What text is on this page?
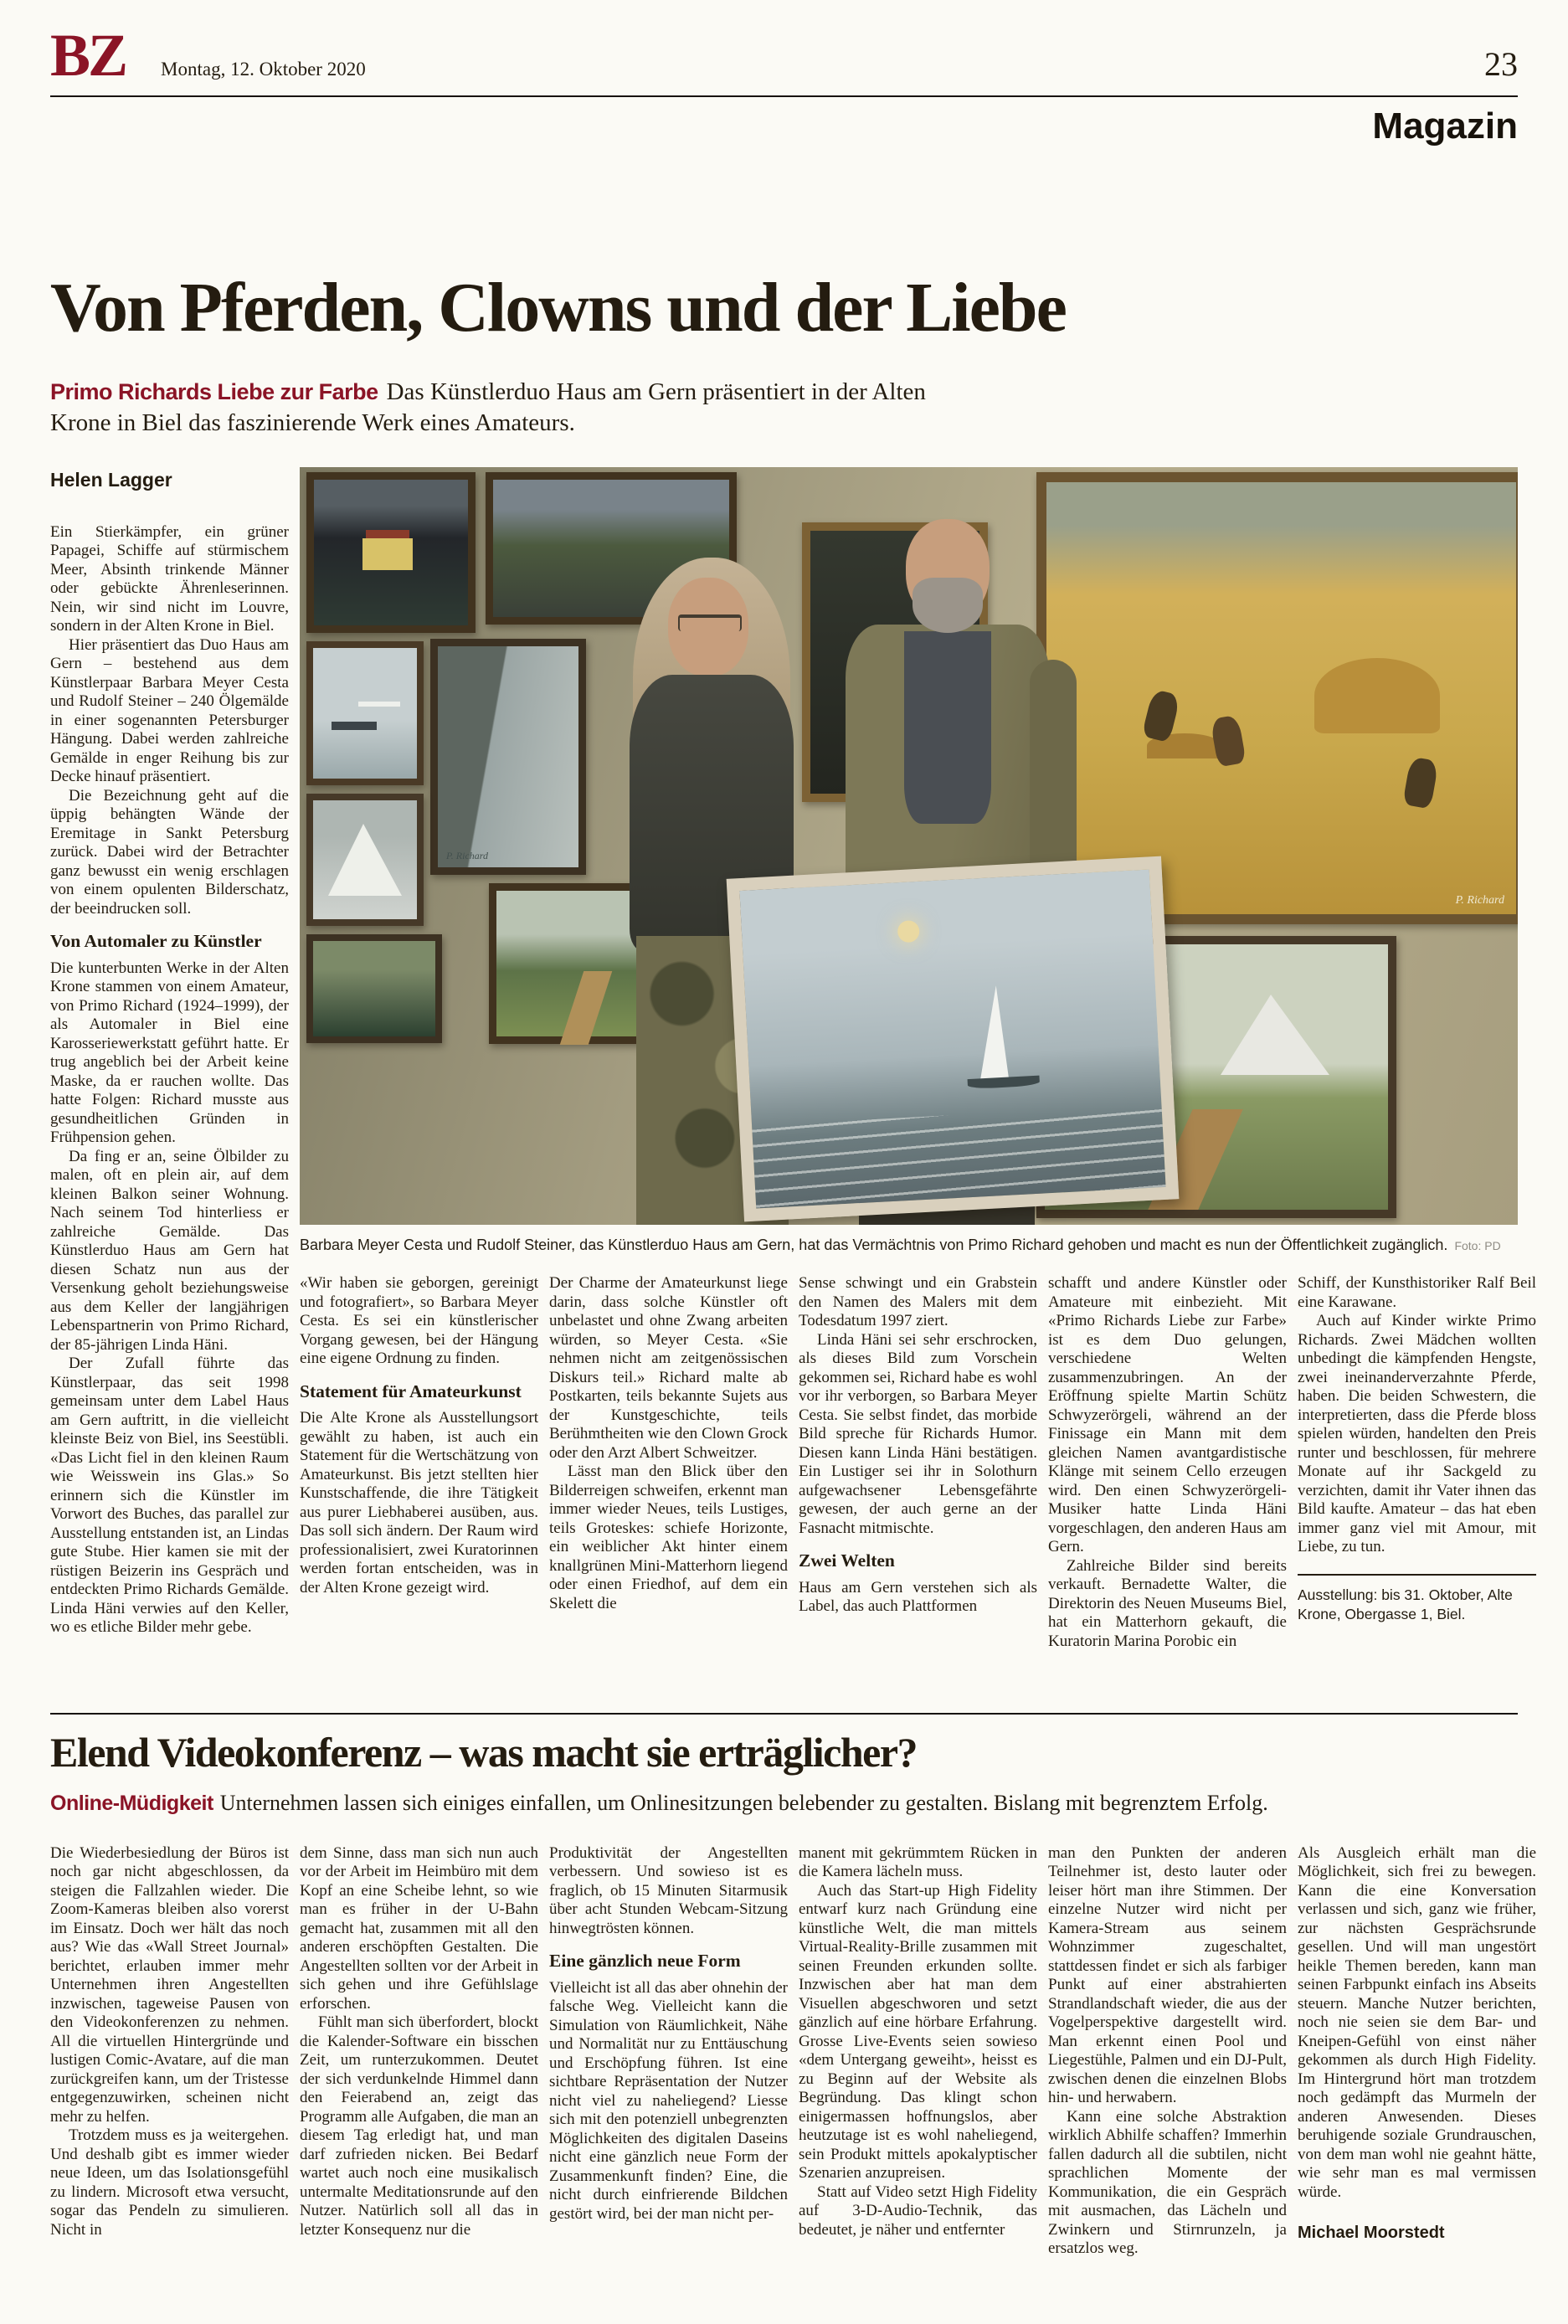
BZ Montag, 12. Oktober 2020	23
Magazin
Von Pferden, Clowns und der Liebe

Primo Richards Liebe zur Farbe Das Künstlerduo Haus am Gern präsentiert in der Alten Krone in Biel das faszinierende Werk eines Amateurs.

Helen Lagger

Ein Stierkämpfer, ein grüner Papagei, Schiffe auf stürmischem Meer, Absinth trinkende Männer oder gebückte Ährenleserinnen. Nein, wir sind nicht im Louvre, sondern in der Alten Krone in Biel.

Hier präsentiert das Duo Haus am Gern – bestehend aus dem Künstlerpaar Barbara Meyer Cesta und Rudolf Steiner – 240 Ölgemälde in einer sogenannten Petersburger Hängung. Dabei werden zahlreiche Gemälde in enger Reihung bis zur Decke hinauf präsentiert.

Die Bezeichnung geht auf die üppig behängten Wände der Eremitage in Sankt Petersburg zurück. Dabei wird der Betrachter ganz bewusst ein wenig erschlagen von einem opulenten Bilderschatz, der beeindrucken soll.

Von Automaler zu Künstler

Die kunterbunten Werke in der Alten Krone stammen von einem Amateur, von Primo Richard (1924–1999), der als Automaler in Biel eine Karosseriewerkstatt geführt hatte. Er trug angeblich bei der Arbeit keine Maske, da er rauchen wollte. Das hatte Folgen: Richard musste aus gesundheitlichen Gründen in Frühpension gehen.

Da fing er an, seine Ölbilder zu malen, oft en plein air, auf dem kleinen Balkon seiner Wohnung. Nach seinem Tod hinterliess er zahlreiche Gemälde. Das Künstlerduo Haus am Gern hat diesen Schatz nun aus der Versenkung geholt beziehungsweise aus dem Keller der langjährigen Lebenspartnerin von Primo Richard, der 85-jährigen Linda Häni.

Der Zufall führte das Künstlerpaar, das seit 1998 gemeinsam unter dem Label Haus am Gern auftritt, in die vielleicht kleinste Beiz von Biel, ins Seestübli. «Das Licht fiel in den kleinen Raum wie Weisswein ins Glas.» So erinnern sich die Künstler im Vorwort des Buches, das parallel zur Ausstellung entstanden ist, an Lindas gute Stube. Hier kamen sie mit der rüstigen Beizerin ins Gespräch und entdeckten Primo Richards Gemälde. Linda Häni verwies auf den Keller, wo es etliche Bilder mehr gebe.

P. Richard
P. Richard
Barbara Meyer Cesta und Rudolf Steiner, das Künstlerduo Haus am Gern, hat das Vermächtnis von Primo Richard gehoben und macht es nun der Öffentlichkeit zugänglich. Foto: PD

«Wir haben sie geborgen, gereinigt und fotografiert», so Barbara Meyer Cesta. Es sei ein künstlerischer Vorgang gewesen, bei der Hängung eine eigene Ordnung zu finden.

Statement für Amateurkunst

Die Alte Krone als Ausstellungsort gewählt zu haben, ist auch ein Statement für die Wertschätzung von Amateurkunst. Bis jetzt stellten hier Kunstschaffende, die ihre Tätigkeit aus purer Liebhaberei ausüben, aus. Das soll sich ändern. Der Raum wird professionalisiert, zwei Kuratorinnen werden fortan entscheiden, was in der Alten Krone gezeigt wird.

Der Charme der Amateurkunst liege darin, dass solche Künstler oft unbelastet und ohne Zwang arbeiten würden, so Meyer Cesta. «Sie nehmen nicht am zeitgenössischen Diskurs teil.» Richard malte ab Postkarten, teils bekannte Sujets aus der Kunstgeschichte, teils Berühmtheiten wie den Clown Grock oder den Arzt Albert Schweitzer.

Lässt man den Blick über den Bilderreigen schweifen, erkennt man immer wieder Neues, teils Lustiges, teils Groteskes: schiefe Horizonte, ein weiblicher Akt hinter einem knallgrünen Mini-Matterhorn liegend oder einen Friedhof, auf dem ein Skelett die

Sense schwingt und ein Grabstein den Namen des Malers mit dem Todesdatum 1997 ziert.

Linda Häni sei sehr erschrocken, als dieses Bild zum Vorschein gekommen sei, Richard habe es wohl vor ihr verborgen, so Barbara Meyer Cesta. Sie selbst findet, das morbide Bild spreche für Richards Humor. Diesen kann Linda Häni bestätigen. Ein Lustiger sei ihr in Solothurn aufgewachsener Lebensgefährte gewesen, der auch gerne an der Fasnacht mitmischte.

Zwei Welten

Haus am Gern verstehen sich als Label, das auch Plattformen

schafft und andere Künstler oder Amateure mit einbezieht. Mit «Primo Richards Liebe zur Farbe» ist es dem Duo gelungen, verschiedene Welten zusammenzubringen. An der Eröffnung spielte Martin Schütz Schwyzerörgeli, während an der Finissage ein Mann mit dem gleichen Namen avantgardistische Klänge mit seinem Cello erzeugen wird. Den einen Schwyzerörgeli-Musiker hatte Linda Häni vorgeschlagen, den anderen Haus am Gern.

Zahlreiche Bilder sind bereits verkauft. Bernadette Walter, die Direktorin des Neuen Museums Biel, hat ein Matterhorn gekauft, die Kuratorin Marina Porobic ein

Schiff, der Kunsthistoriker Ralf Beil eine Karawane.

Auch auf Kinder wirkte Primo Richards. Zwei Mädchen wollten unbedingt die kämpfenden Hengste, zwei ineinanderverzahnte Pferde, haben. Die beiden Schwestern, die interpretierten, dass die Pferde bloss spielen würden, handelten den Preis runter und beschlossen, für mehrere Monate auf ihr Sackgeld zu verzichten, damit ihr Vater ihnen das Bild kaufte. Amateur – das hat eben immer ganz viel mit Amour, mit Liebe, zu tun.

Ausstellung: bis 31. Oktober, Alte Krone, Obergasse 1, Biel.

Elend Videokonferenz – was macht sie erträglicher?

Online-Müdigkeit Unternehmen lassen sich einiges einfallen, um Onlinesitzungen belebender zu gestalten. Bislang mit begrenztem Erfolg.

Die Wiederbesiedlung der Büros ist noch gar nicht abgeschlossen, da steigen die Fallzahlen wieder. Die Zoom-Kameras bleiben also vorerst im Einsatz. Doch wer hält das noch aus? Wie das «Wall Street Journal» berichtet, erlauben immer mehr Unternehmen ihren Angestellten inzwischen, tageweise Pausen von den Videokonferenzen zu nehmen. All die virtuellen Hintergründe und lustigen Comic-Avatare, auf die man zurückgreifen kann, um der Tristesse entgegenzuwirken, scheinen nicht mehr zu helfen.

Trotzdem muss es ja weitergehen. Und deshalb gibt es immer wieder neue Ideen, um das Isolationsgefühl zu lindern. Microsoft etwa versucht, sogar das Pendeln zu simulieren. Nicht in

dem Sinne, dass man sich nun auch vor der Arbeit im Heimbüro mit dem Kopf an eine Scheibe lehnt, so wie man es früher in der U-Bahn gemacht hat, zusammen mit all den anderen erschöpften Gestalten. Die Angestellten sollten vor der Arbeit in sich gehen und ihre Gefühlslage erforschen.

Fühlt man sich überfordert, blockt die Kalender-Software ein bisschen Zeit, um runterzukommen. Deutet der sich verdunkelnde Himmel dann den Feierabend an, zeigt das Programm alle Aufgaben, die man an diesem Tag erledigt hat, und man darf zufrieden nicken. Bei Bedarf wartet auch noch eine musikalisch untermalte Meditationsrunde auf den Nutzer. Natürlich soll all das in letzter Konsequenz nur die

Produktivität der Angestellten verbessern. Und sowieso ist es fraglich, ob 15 Minuten Sitarmusik über acht Stunden Webcam-Sitzung hinwegtrösten können.

Eine gänzlich neue Form

Vielleicht ist all das aber ohnehin der falsche Weg. Vielleicht kann die Simulation von Räumlichkeit, Nähe und Normalität nur zu Enttäuschung und Erschöpfung führen. Ist eine sichtbare Repräsentation der Nutzer nicht viel zu naheliegend? Liesse sich mit den potenziell unbegrenzten Möglichkeiten des digitalen Daseins nicht eine gänzlich neue Form der Zusammenkunft finden? Eine, die nicht durch einfrierende Bildchen gestört wird, bei der man nicht per-

manent mit gekrümmtem Rücken in die Kamera lächeln muss.

Auch das Start-up High Fidelity entwarf kurz nach Gründung eine künstliche Welt, die man mittels Virtual-Reality-Brille zusammen mit seinen Freunden erkunden sollte. Inzwischen aber hat man dem Visuellen abgeschworen und setzt gänzlich auf eine hörbare Erfahrung. Grosse Live-Events seien sowieso «dem Untergang geweiht», heisst es zu Beginn auf der Website als Begründung. Das klingt schon einigermassen hoffnungslos, aber heutzutage ist es wohl naheliegend, sein Produkt mittels apokalyptischer Szenarien anzupreisen.

Statt auf Video setzt High Fidelity auf 3-D-Audio-Technik, das bedeutet, je näher und entfernter

man den Punkten der anderen Teilnehmer ist, desto lauter oder leiser hört man ihre Stimmen. Der einzelne Nutzer wird nicht per Kamera-Stream aus seinem Wohnzimmer zugeschaltet, stattdessen findet er sich als farbiger Punkt auf einer abstrahierten Strandlandschaft wieder, die aus der Vogelperspektive dargestellt wird. Man erkennt einen Pool und Liegestühle, Palmen und ein DJ-Pult, zwischen denen die einzelnen Blobs hin- und herwabern.

Kann eine solche Abstraktion wirklich Abhilfe schaffen? Immerhin fallen dadurch all die subtilen, nicht sprachlichen Momente der Kommunikation, die ein Gespräch mit ausmachen, das Lächeln und Zwinkern und Stirnrunzeln, ja ersatzlos weg.

Als Ausgleich erhält man die Möglichkeit, sich frei zu bewegen. Kann die eine Konversation verlassen und sich, ganz wie früher, zur nächsten Gesprächsrunde gesellen. Und will man ungestört heikle Themen bereden, kann man seinen Farbpunkt einfach ins Abseits steuern. Manche Nutzer berichten, noch nie seien sie dem Bar- und Kneipen-Gefühl von einst näher gekommen als durch High Fidelity. Im Hintergrund hört man trotzdem noch gedämpft das Murmeln der anderen Anwesenden. Dieses beruhigende soziale Grundrauschen, von dem man wohl nie geahnt hätte, wie sehr man es mal vermissen würde.

Michael Moorstedt
